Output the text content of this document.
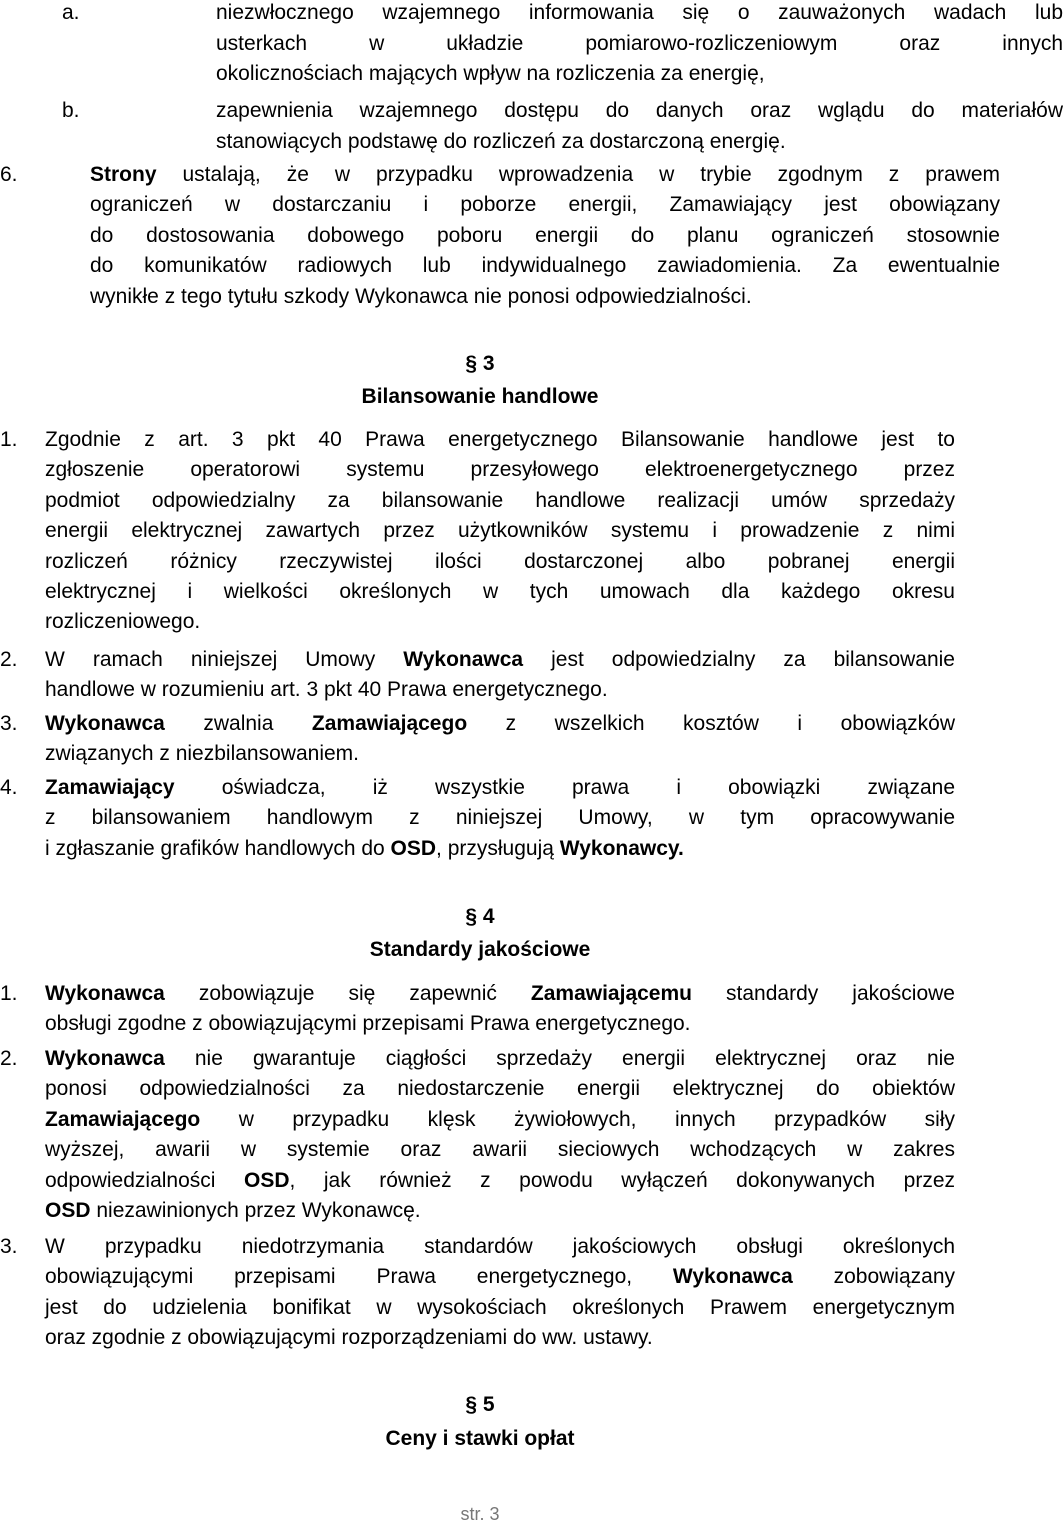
a.	niezwłocznego wzajemnego informowania się o zauważonych wadach lub
usterkach w układzie pomiarowo-rozliczeniowym oraz innych
okolicznościach mających wpływ na rozliczenia za energię,
b.	zapewnienia wzajemnego dostępu do danych oraz wglądu do materiałów
stanowiących podstawę do rozliczeń za dostarczoną energię.
6.	Strony ustalają, że w przypadku wprowadzenia w trybie zgodnym z prawem
ograniczeń w dostarczaniu i poborze energii, Zamawiający jest obowiązany
do dostosowania dobowego poboru energii do planu ograniczeń stosownie
do komunikatów radiowych lub indywidualnego zawiadomienia. Za ewentualnie
wynikłe z tego tytułu szkody Wykonawca nie ponosi odpowiedzialności.
§ 3
Bilansowanie handlowe
1. Zgodnie z art. 3 pkt 40 Prawa energetycznego Bilansowanie handlowe jest to
zgłoszenie operatorowi systemu przesyłowego elektroenergetycznego przez
podmiot odpowiedzialny za bilansowanie handlowe realizacji umów sprzedaży
energii elektrycznej zawartych przez użytkowników systemu i prowadzenie z nimi
rozliczeń różnicy rzeczywistej ilości dostarczonej albo pobranej energii
elektrycznej i wielkości określonych w tych umowach dla każdego okresu
rozliczeniowego.
2. W ramach niniejszej Umowy Wykonawca jest odpowiedzialny za bilansowanie
handlowe w rozumieniu art. 3 pkt 40 Prawa energetycznego.
3. Wykonawca zwalnia Zamawiającego z wszelkich kosztów i obowiązków
związanych z niezbilansowaniem.
4. Zamawiający oświadcza, iż wszystkie prawa i obowiązki związane
z bilansowaniem handlowym z niniejszej Umowy, w tym opracowywanie
i zgłaszanie grafików handlowych do OSD, przysługują Wykonawcy.
§ 4
Standardy jakościowe
1. Wykonawca zobowiązuje się zapewnić Zamawiającemu standardy jakościowe
obsługi zgodne z obowiązującymi przepisami Prawa energetycznego.
2. Wykonawca nie gwarantuje ciągłości sprzedaży energii elektrycznej oraz nie
ponosi odpowiedzialności za niedostarczenie energii elektrycznej do obiektów
Zamawiającego w przypadku klęsk żywiołowych, innych przypadków siły
wyższej, awarii w systemie oraz awarii sieciowych wchodzących w zakres
odpowiedzialności OSD, jak również z powodu wyłączeń dokonywanych przez
OSD niezawinionych przez Wykonawcę.
3. W przypadku niedotrzymania standardów jakościowych obsługi określonych
obowiązującymi przepisami Prawa energetycznego, Wykonawca zobowiązany
jest do udzielenia bonifikat w wysokościach określonych Prawem energetycznym
oraz zgodnie z obowiązującymi rozporządzeniami do ww. ustawy.
§ 5
Ceny i stawki opłat
str. 3
